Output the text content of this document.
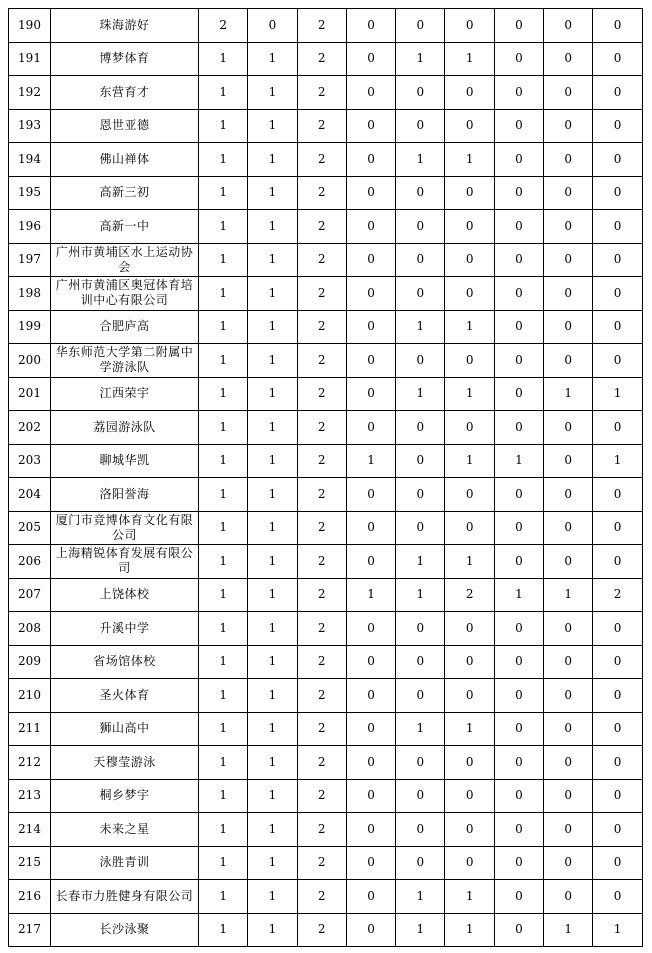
190	珠海游好	2	0	2	0	0	0	0	0	0
191	博梦体育	1	1	2	0	1	1	0	0	0
192	东营育才	1	1	2	0	0	0	0	0	0
193	恩世亚德	1	1	2	0	0	0	0	0	0
194	佛山禅体	1	1	2	0	1	1	0	0	0
195	高新三初	1	1	2	0	0	0	0	0	0
196	高新一中	1	1	2	0	0	0	0	0	0
197	广州市黄埔区水上运动协会	1	1	2	0	0	0	0	0	0
198	广州市黄浦区奥冠体育培训中心有限公司	1	1	2	0	0	0	0	0	0
199	合肥庐高	1	1	2	0	1	1	0	0	0
200	华东师范大学第二附属中学游泳队	1	1	2	0	0	0	0	0	0
201	江西荣宇	1	1	2	0	1	1	0	1	1
202	荔园游泳队	1	1	2	0	0	0	0	0	0
203	聊城华凯	1	1	2	1	0	1	1	0	1
204	洛阳誉海	1	1	2	0	0	0	0	0	0
205	厦门市竞博体育文化有限公司	1	1	2	0	0	0	0	0	0
206	上海精锐体育发展有限公司	1	1	2	0	1	1	0	0	0
207	上饶体校	1	1	2	1	1	2	1	1	2
208	升溪中学	1	1	2	0	0	0	0	0	0
209	省场馆体校	1	1	2	0	0	0	0	0	0
210	圣火体育	1	1	2	0	0	0	0	0	0
211	狮山高中	1	1	2	0	1	1	0	0	0
212	天穆莹游泳	1	1	2	0	0	0	0	0	0
213	桐乡梦宇	1	1	2	0	0	0	0	0	0
214	未来之星	1	1	2	0	0	0	0	0	0
215	泳胜青训	1	1	2	0	0	0	0	0	0
216	长春市力胜健身有限公司	1	1	2	0	1	1	0	0	0
217	长沙泳聚	1	1	2	0	1	1	0	1	1
